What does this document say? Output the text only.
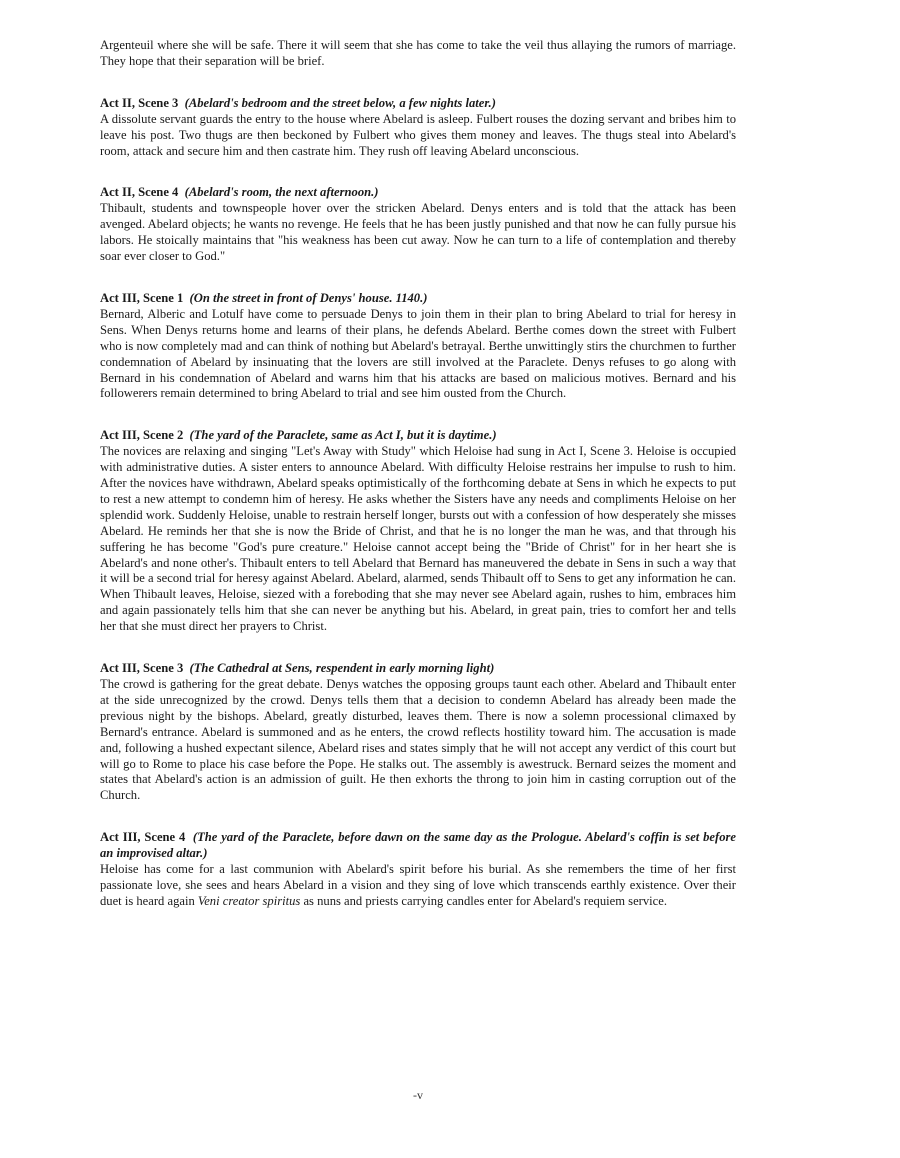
Argenteuil where she will be safe. There it will seem that she has come to take the veil thus allaying the rumors of marriage. They hope that their separation will be brief.

Act II, Scene 3 (Abelard's bedroom and the street below, a few nights later.)

A dissolute servant guards the entry to the house where Abelard is asleep. Fulbert rouses the dozing servant and bribes him to leave his post. Two thugs are then beckoned by Fulbert who gives them money and leaves. The thugs steal into Abelard's room, attack and secure him and then castrate him. They rush off leaving Abelard unconscious.

Act II, Scene 4 (Abelard's room, the next afternoon.)

Thibault, students and townspeople hover over the stricken Abelard. Denys enters and is told that the attack has been avenged. Abelard objects; he wants no revenge. He feels that he has been justly punished and that now he can fully pursue his labors. He stoically maintains that "his weakness has been cut away. Now he can turn to a life of contemplation and thereby soar ever closer to God."

Act III, Scene 1 (On the street in front of Denys' house. 1140.)

Bernard, Alberic and Lotulf have come to persuade Denys to join them in their plan to bring Abelard to trial for heresy in Sens. When Denys returns home and learns of their plans, he defends Abelard. Berthe comes down the street with Fulbert who is now completely mad and can think of nothing but Abelard's betrayal. Berthe unwittingly stirs the churchmen to further condemnation of Abelard by insinuating that the lovers are still involved at the Paraclete. Denys refuses to go along with Bernard in his condemnation of Abelard and warns him that his attacks are based on malicious motives. Bernard and his followerers remain determined to bring Abelard to trial and see him ousted from the Church.

Act III, Scene 2 (The yard of the Paraclete, same as Act I, but it is daytime.)

The novices are relaxing and singing "Let's Away with Study" which Heloise had sung in Act I, Scene 3. Heloise is occupied with administrative duties. A sister enters to announce Abelard. With difficulty Heloise restrains her impulse to rush to him. After the novices have withdrawn, Abelard speaks optimistically of the forthcoming debate at Sens in which he expects to put to rest a new attempt to condemn him of heresy. He asks whether the Sisters have any needs and compliments Heloise on her splendid work. Suddenly Heloise, unable to restrain herself longer, bursts out with a confession of how desperately she misses Abelard. He reminds her that she is now the Bride of Christ, and that he is no longer the man he was, and that through his suffering he has become "God's pure creature." Heloise cannot accept being the "Bride of Christ" for in her heart she is Abelard's and none other's. Thibault enters to tell Abelard that Bernard has maneuvered the debate in Sens in such a way that it will be a second trial for heresy against Abelard. Abelard, alarmed, sends Thibault off to Sens to get any information he can. When Thibault leaves, Heloise, siezed with a foreboding that she may never see Abelard again, rushes to him, embraces him and again passionately tells him that she can never be anything but his. Abelard, in great pain, tries to comfort her and tells her that she must direct her prayers to Christ.

Act III, Scene 3 (The Cathedral at Sens, respendent in early morning light)

The crowd is gathering for the great debate. Denys watches the opposing groups taunt each other. Abelard and Thibault enter at the side unrecognized by the crowd. Denys tells them that a decision to condemn Abelard has already been made the previous night by the bishops. Abelard, greatly disturbed, leaves them. There is now a solemn processional climaxed by Bernard's entrance. Abelard is summoned and as he enters, the crowd reflects hostility toward him. The accusation is made and, following a hushed expectant silence, Abelard rises and states simply that he will not accept any verdict of this court but will go to Rome to place his case before the Pope. He stalks out. The assembly is awestruck. Bernard seizes the moment and states that Abelard's action is an admission of guilt. He then exhorts the throng to join him in casting corruption out of the Church.

Act III, Scene 4 (The yard of the Paraclete, before dawn on the same day as the Prologue. Abelard's coffin is set before an improvised altar.)

Heloise has come for a last communion with Abelard's spirit before his burial. As she remembers the time of her first passionate love, she sees and hears Abelard in a vision and they sing of love which transcends earthly existence. Over their duet is heard again Veni creator spiritus as nuns and priests carrying candles enter for Abelard's requiem service.

-v
